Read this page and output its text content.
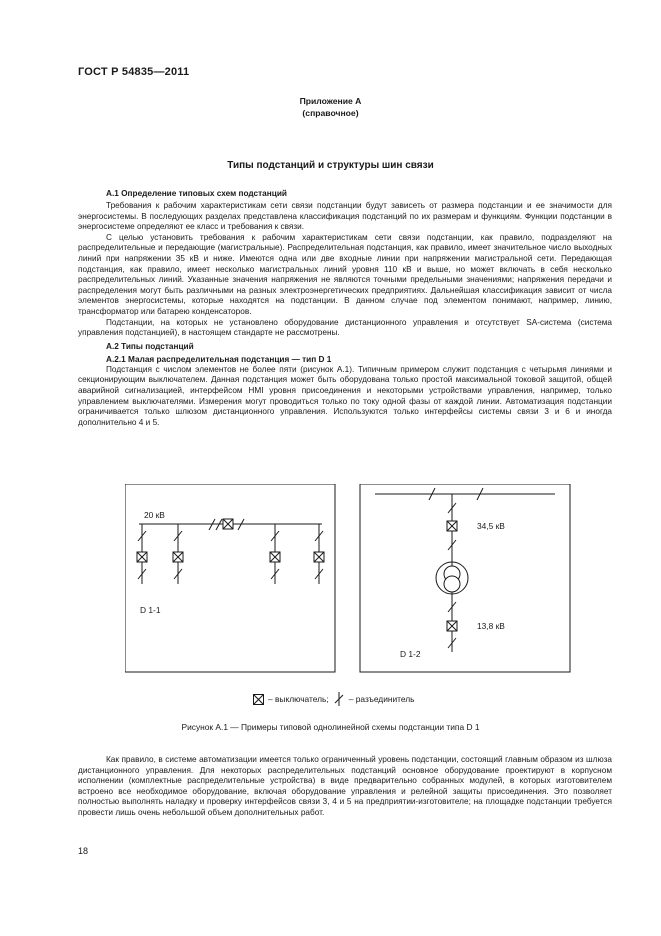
ГОСТ Р 54835—2011
Приложение А
(справочное)
Типы подстанций и структуры шин связи
А.1 Определение типовых схем подстанций

Требования к рабочим характеристикам сети связи подстанции будут зависеть от размера подстанции и ее значимости для энергосистемы. В последующих разделах представлена классификация подстанций по их размерам и функциям. Функции подстанции в энергосистеме определяют ее класс и требования к связи.

С целью установить требования к рабочим характеристикам сети связи подстанции, как правило, подразделяют на распределительные и передающие (магистральные). Распределительная подстанция, как правило, имеет значительное число выходных линий при напряжении 35 кВ и ниже. Имеются одна или две входные линии при напряжении магистральной сети. Передающая подстанция, как правило, имеет несколько магистральных линий уровня 110 кВ и выше, но может включать в себя несколько распределительных линий. Указанные значения напряжения не являются точными предельными значениями; напряжения передачи и распределения могут быть различными на разных электроэнергетических предприятиях. Дальнейшая классификация зависит от числа элементов энергосистемы, которые находятся на подстанции. В данном случае под элементом понимают, например, линию, трансформатор или батарею конденсаторов.

Подстанции, на которых не установлено оборудование дистанционного управления и отсутствует SA-система (система управления подстанцией), в настоящем стандарте не рассмотрены.

А.2 Типы подстанций
А.2.1 Малая распределительная подстанция — тип D 1

Подстанция с числом элементов не более пяти (рисунок А.1). Типичным примером служит подстанция с четырьмя линиями и секционирующим выключателем. Данная подстанция может быть оборудована только простой максимальной токовой защитой, общей аварийной сигнализацией, интерфейсом HMI уровня присоединения и некоторыми устройствами управления, например, только управлением выключателями. Измерения могут проводиться только по току одной фазы от каждой линии. Автоматизация подстанции ограничивается только шлюзом дистанционного управления. Используются только интерфейсы системы связи 3 и 6 и иногда дополнительно 4 и 5.

20 кВ
D 1-1
34,5 кВ
13,8 кВ
D 1-2
– выключатель; – разъединитель
Рисунок А.1 — Примеры типовой однолинейной схемы подстанции типа D 1

Как правило, в системе автоматизации имеется только ограниченный уровень подстанции, состоящий главным образом из шлюза дистанционного управления. Для некоторых распределительных подстанций основное оборудование проектируют в корпусном исполнении (комплектные распределительные устройства) в виде предварительно собранных модулей, в которых изготовителем встроено все необходимое оборудование, включая оборудование управления и релейной защиты присоединения. Это позволяет полностью выполнять наладку и проверку интерфейсов связи 3, 4 и 5 на предприятии-изготовителе; на площадке подстанции требуется провести лишь очень небольшой объем дополнительных работ.

18
